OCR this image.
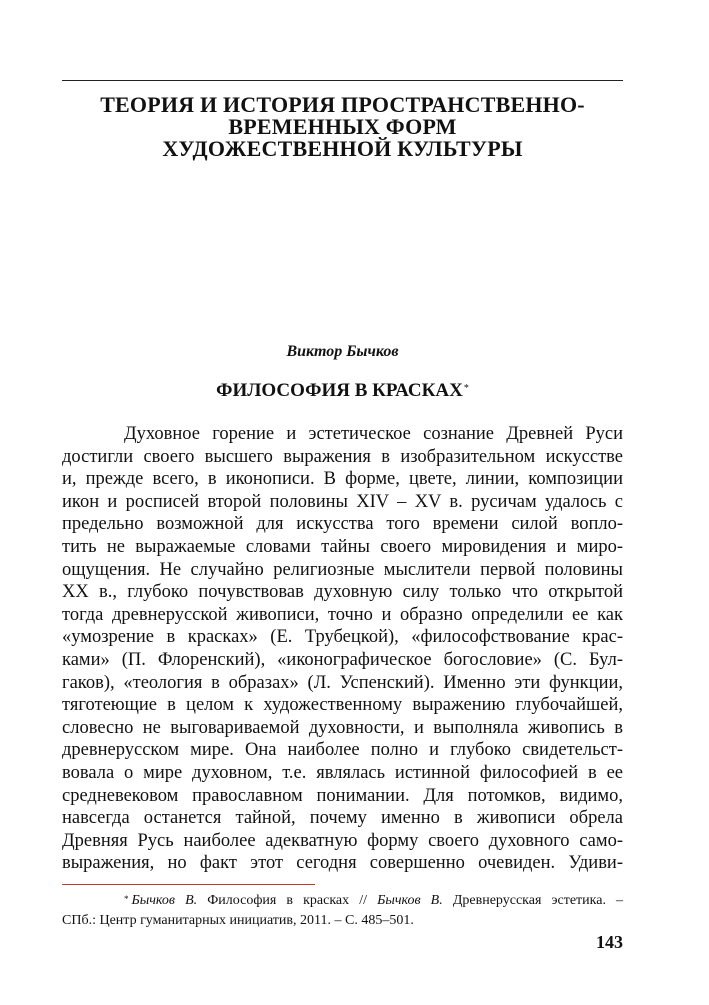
ТЕОРИЯ И ИСТОРИЯ ПРОСТРАНСТВЕННО-
ВРЕМЕННЫХ ФОРМ
ХУДОЖЕСТВЕННОЙ КУЛЬТУРЫ
Виктор Бычков
ФИЛОСОФИЯ В КРАСКАХ*
Духовное горение и эстетическое сознание Древней Руси
достигли своего высшего выражения в изобразительном искусстве
и, прежде всего, в иконописи. В форме, цвете, линии, композиции
икон и росписей второй половины XIV – XV в. русичам удалось с
предельно возможной для искусства того времени силой вопло-
тить не выражаемые словами тайны своего мировидения и миро-
ощущения. Не случайно религиозные мыслители первой половины
XX в., глубоко почувствовав духовную силу только что открытой
тогда древнерусской живописи, точно и образно определили ее как
«умозрение в красках» (Е. Трубецкой), «философствование крас-
ками» (П. Флоренский), «иконографическое богословие» (С. Бул-
гаков), «теология в образах» (Л. Успенский). Именно эти функции,
тяготеющие в целом к художественному выражению глубочайшей,
словесно не выговариваемой духовности, и выполняла живопись в
древнерусском мире. Она наиболее полно и глубоко свидетельст-
вовала о мире духовном, т.е. являлась истинной философией в ее
средневековом православном понимании. Для потомков, видимо,
навсегда останется тайной, почему именно в живописи обрела
Древняя Русь наиболее адекватную форму своего духовного само-
выражения, но факт этот сегодня совершенно очевиден. Удиви-
* Бычков В. Философия в красках // Бычков В. Древнерусская эстетика. –
СПб.: Центр гуманитарных инициатив, 2011. – С. 485–501.
143
